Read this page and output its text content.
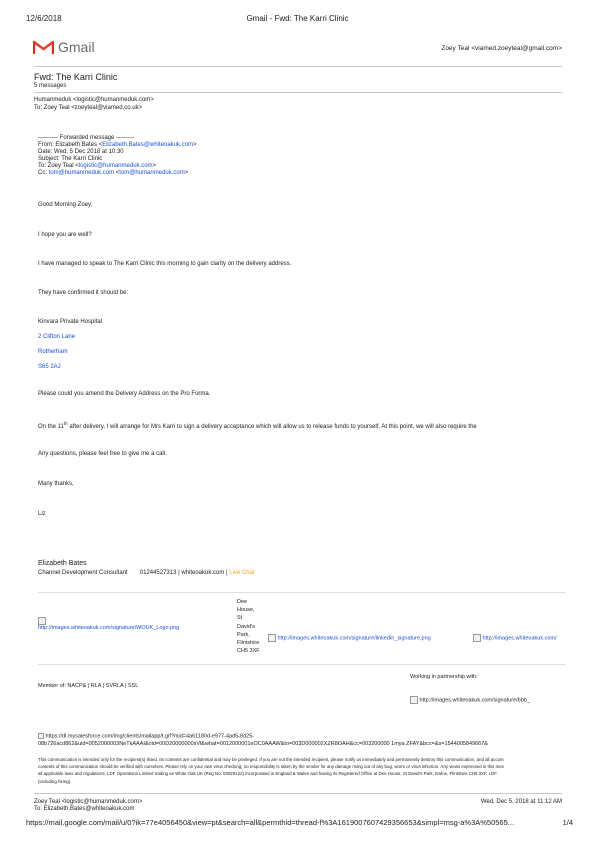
12/6/2018	Gmail - Fwd: The Karri Clinic
Gmail	Zoey Teal <viamed.zoeyteal@gmail.com>
Fwd: The Karri Clinic
5 messages
Humanmeduk <logistic@humanmeduk.com>
To: Zoey Teal <zoeyteal@viamed.co.uk>
---------- Forwarded message ---------
From: Elizabeth Bates <Elizabeth.Bates@whiteoakuk.com>
Date: Wed, 5 Dec 2018 at 10:30
Subject: The Karri Clinic
To: Zoey Teal <logistic@humanmeduk.com>
Cc: tom@humanmeduk.com <tom@humanmeduk.com>
Good Morning Zoey,
I hope you are well?
I have managed to speak to The Karri Clinic this morning to gain clarity on the delivery address.
They have confirmed it should be:
Kinvara Private Hospital
2 Clifton Lane
Rotherham
S65 2AJ
Please could you amend the Delivery Address on the Pro Forma.
On the 11th after delivery, I will arrange for Mrs Karri to sign a delivery acceptance which will allow us to release funds to yourself. At this point, we will also require the
Any questions, please feel free to give me a call.
Many thanks,
Liz
Elizabeth Bates
Channel Development Consultant 01244527313 | whiteoakuk.com | Live Chat

http://images.whiteoakuk.com/signature/WOUK_Logo.png
Dee
House,
St
David's
Park,
Flintshire
CH5 3XF
http://images.whiteoakuk.com/signature/linkedin_signature.png	http://images.whiteoakuk.com/
Working in partnership with:
Member of: NACP& | RLA | SVRLA | SSL
http://images.whiteoakuk.com/signature/bbb_
https://dl.mysalesforce.com/img/clients/mailapp/t.gif?mid=4a61180d-e977-4ad5-8d25-
08b726acd862&uid=0052000003NeTkAAAI&oid=00D20000000sVl&what=0012000001eOC0AAAW&to=003D000002XZR8OAH&cc=003200000 1mya ZFAY&bcc=&s=1544005849667&
This communication is intended only for the recipient(s) listed. Its contents are confidential and may be privileged. If you are not the intended recipient, please notify us immediately and permanently destroy this communication, and all accom
contents of this communication should be verified with ourselves. Please rely on your own virus checking; no responsibility is taken by the sender for any damage rising out of any bug, worm or virus infection. Any views expressed in this mes
all applicable laws and regulations. LDF Operations Limited trading as White Oak UK (Reg No: 03029122) incorporated in England & Wales and having its Registered Office at Dee House, St David's Park, Ewloe, Flintshire CH5 3XF. LDF
(including hiring).
Zoey Teal <logistic@humanmeduk.com>
To: Elizabeth.Bates@whiteoakuk.com
Wed, Dec 5, 2018 at 11:12 AM
https://mail.google.com/mail/u/0?ik=77e4056450&view=pt&search=all&permthid=thread-f%3A1619007607429356653&simpl=msg-a%3A%50565...	1/4
